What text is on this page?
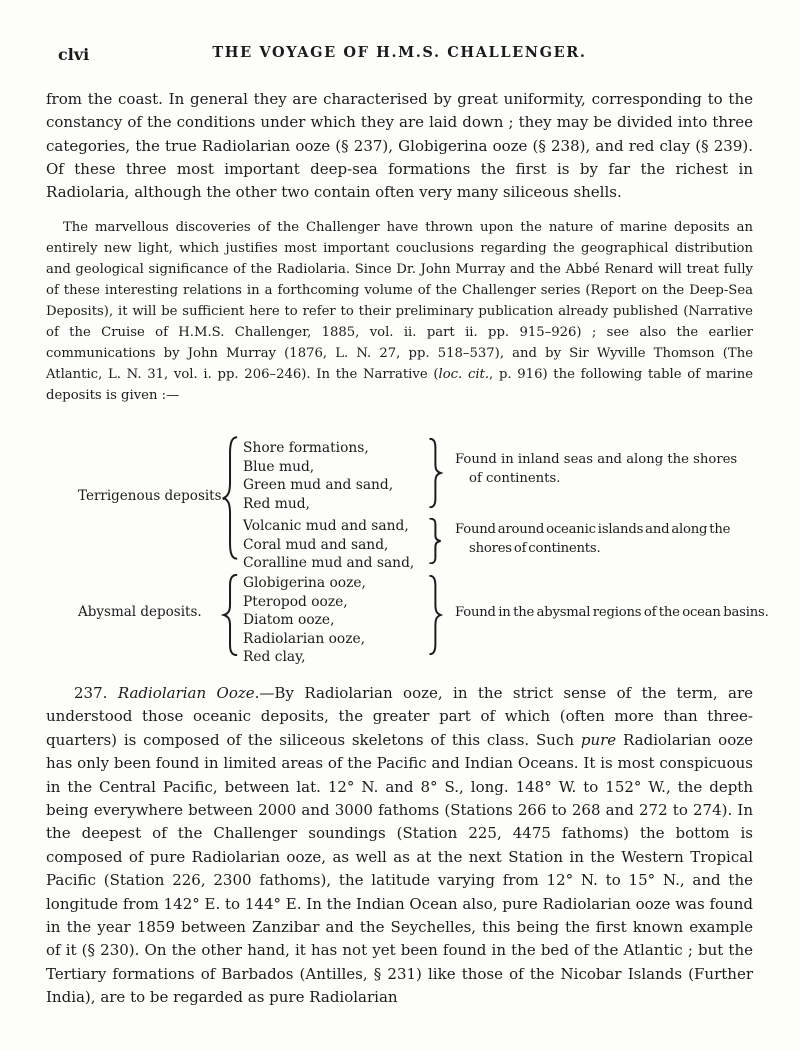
clvi	THE VOYAGE OF H.M.S. CHALLENGER.
from the coast. In general they are characterised by great uniformity, corresponding to the constancy of the conditions under which they are laid down ; they may be divided into three categories, the true Radiolarian ooze (§ 237), Globigerina ooze (§ 238), and red clay (§ 239). Of these three most important deep-sea formations the first is by far the richest in Radiolaria, although the other two contain often very many siliceous shells.
The marvellous discoveries of the Challenger have thrown upon the nature of marine deposits an entirely new light, which justifies most important couclusions regarding the geographical distribution and geological significance of the Radiolaria. Since Dr. John Murray and the Abbé Renard will treat fully of these interesting relations in a forthcoming volume of the Challenger series (Report on the Deep-Sea Deposits), it will be sufficient here to refer to their preliminary publication already published (Narrative of the Cruise of H.M.S. Challenger, 1885, vol. ii. part ii. pp. 915–926) ; see also the earlier communications by John Murray (1876, L. N. 27, pp. 518–537), and by Sir Wyville Thomson (The Atlantic, L. N. 31, vol. i. pp. 206–246). In the Narrative (loc. cit., p. 916) the following table of marine deposits is given :—
Terrigenous deposits.
Abysmal deposits.
Shore formations,
Blue mud,
Green mud and sand,
Red mud,
Found in inland seas and along the shores of continents.
Volcanic mud and sand,
Coral mud and sand,
Coralline mud and sand,
Found around oceanic islands and along the shores of continents.
Globigerina ooze,
Pteropod ooze,
Diatom ooze,
Radiolarian ooze,
Red clay,
Found in the abysmal regions of the ocean basins.
237. Radiolarian Ooze.—By Radiolarian ooze, in the strict sense of the term, are understood those oceanic deposits, the greater part of which (often more than three-quarters) is composed of the siliceous skeletons of this class. Such pure Radiolarian ooze has only been found in limited areas of the Pacific and Indian Oceans. It is most conspicuous in the Central Pacific, between lat. 12° N. and 8° S., long. 148° W. to 152° W., the depth being everywhere between 2000 and 3000 fathoms (Stations 266 to 268 and 272 to 274). In the deepest of the Challenger soundings (Station 225, 4475 fathoms) the bottom is composed of pure Radiolarian ooze, as well as at the next Station in the Western Tropical Pacific (Station 226, 2300 fathoms), the latitude varying from 12° N. to 15° N., and the longitude from 142° E. to 144° E. In the Indian Ocean also, pure Radiolarian ooze was found in the year 1859 between Zanzibar and the Seychelles, this being the first known example of it (§ 230). On the other hand, it has not yet been found in the bed of the Atlantic ; but the Tertiary formations of Barbados (Antilles, § 231) like those of the Nicobar Islands (Further India), are to be regarded as pure Radiolarian
